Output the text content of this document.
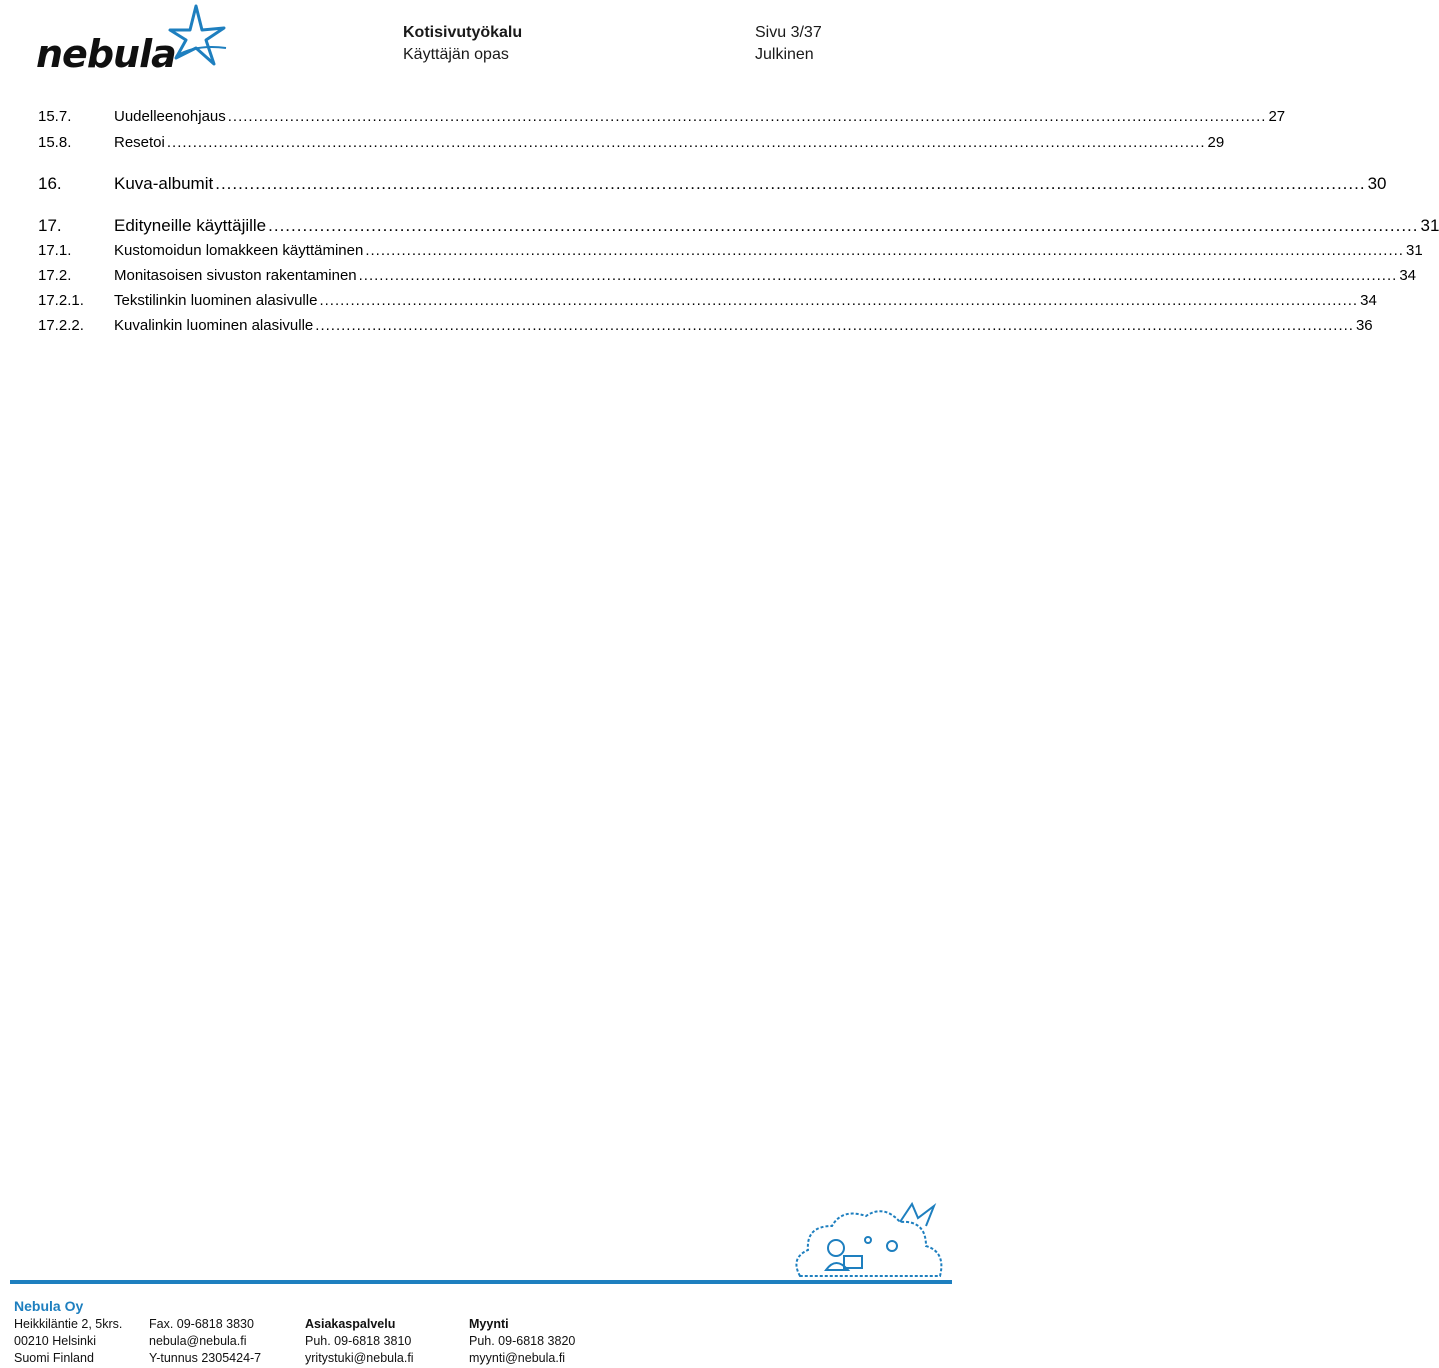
nebula	Kotisivutyökalu
Käyttäjän opas
Sivu 3/37
Julkinen
15.7.	Uudelleenohjaus ......................................................................................................................................................................................................... 27
15.8.	Resetoi ......................................................................................................................................................................................................... 29
16.	Kuva-albumit ......................................................................................................................................................................................................... 30
17.	Edityneille käyttäjille ......................................................................................................................................................................................................... 31
17.1.	Kustomoidun lomakkeen käyttäminen ......................................................................................................................................................................................................... 31
17.2.	Monitasoisen sivuston rakentaminen ......................................................................................................................................................................................................... 34
17.2.1.	Tekstilinkin luominen alasivulle ......................................................................................................................................................................................................... 34
17.2.2.	Kuvalinkin luominen alasivulle ......................................................................................................................................................................................................... 36
Nebula Oy
Heikkiläntie 2, 5krs.
00210 Helsinki
Suomi Finland
Fax. 09-6818 3830
nebula@nebula.fi
Y-tunnus 2305424-7
Asiakaspalvelu
Puh. 09-6818 3810
yritystuki@nebula.fi
Myynti
Puh. 09-6818 3820
myynti@nebula.fi
